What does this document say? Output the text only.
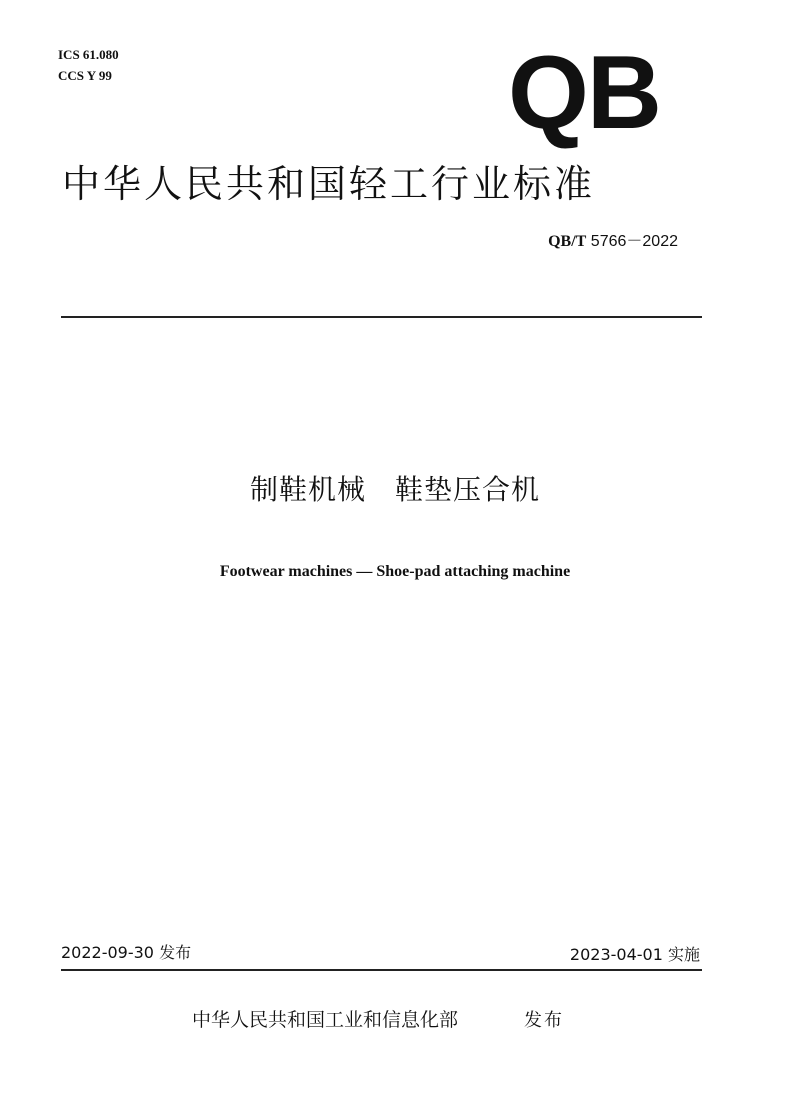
ICS 61.080
CCS Y 99	QB
中华人民共和国轻工行业标准
QB/T 5766－2022
制鞋机械　鞋垫压合机
Footwear machines — Shoe-pad attaching machine
2022-09-30 发布	2023-04-01 实施
中华人民共和国工业和信息化部	发布
